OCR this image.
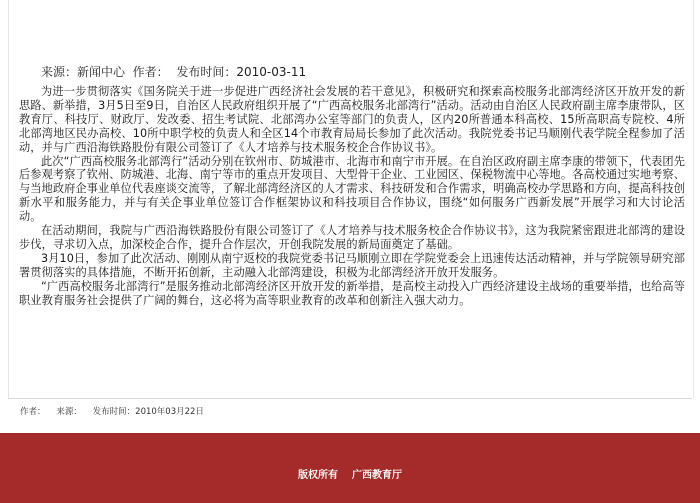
来源：新闻中心 作者： 发布时间：2010-03-11

为进一步贯彻落实《国务院关于进一步促进广西经济社会发展的若干意见》，积极研究和探索高校服务北部湾经济区开放开发的新思路、新举措，3月5日至9日，自治区人民政府组织开展了“广西高校服务北部湾行”活动。活动由自治区人民政府副主席李康带队，区教育厅、科技厅、财政厅、发改委、招生考试院、北部湾办公室等部门的负责人，区内20所普通本科高校、15所高职高专院校、4所北部湾地区民办高校、10所中职学校的负责人和全区14个市教育局局长参加了此次活动。我院党委书记马顺刚代表学院全程参加了活动，并与广西沿海铁路股份有限公司签订了《人才培养与技术服务校企合作协议书》。

此次“广西高校服务北部湾行”活动分别在钦州市、防城港市、北海市和南宁市开展。在自治区政府副主席李康的带领下，代表团先后参观考察了钦州、防城港、北海、南宁等市的重点开发项目、大型骨干企业、工业园区、保税物流中心等地。各高校通过实地考察、与当地政府企事业单位代表座谈交流等，了解北部湾经济区的人才需求、科技研发和合作需求，明确高校办学思路和方向，提高科技创新水平和服务能力，并与有关企事业单位签订合作框架协议和科技项目合作协议，围绕“如何服务广西新发展”开展学习和大讨论活动。

在活动期间，我院与广西沿海铁路股份有限公司签订了《人才培养与技术服务校企合作协议书》，这为我院紧密跟进北部湾的建设步伐，寻求切入点，加深校企合作，提升合作层次，开创我院发展的新局面奠定了基础。

3月10日，参加了此次活动、刚刚从南宁返校的我院党委书记马顺刚立即在学院党委会上迅速传达活动精神，并与学院领导研究部署贯彻落实的具体措施，不断开拓创新，主动融入北部湾建设，积极为北部湾经济开放开发服务。

“广西高校服务北部湾行”是服务推动北部湾经济区开放开发的新举措，是高校主动投入广西经济建设主战场的重要举措，也给高等职业教育服务社会提供了广阔的舞台，这必将为高等职业教育的改革和创新注入强大动力。

作者： 来源： 发布时间：2010年03月22日
版权所有 广西教育厅
